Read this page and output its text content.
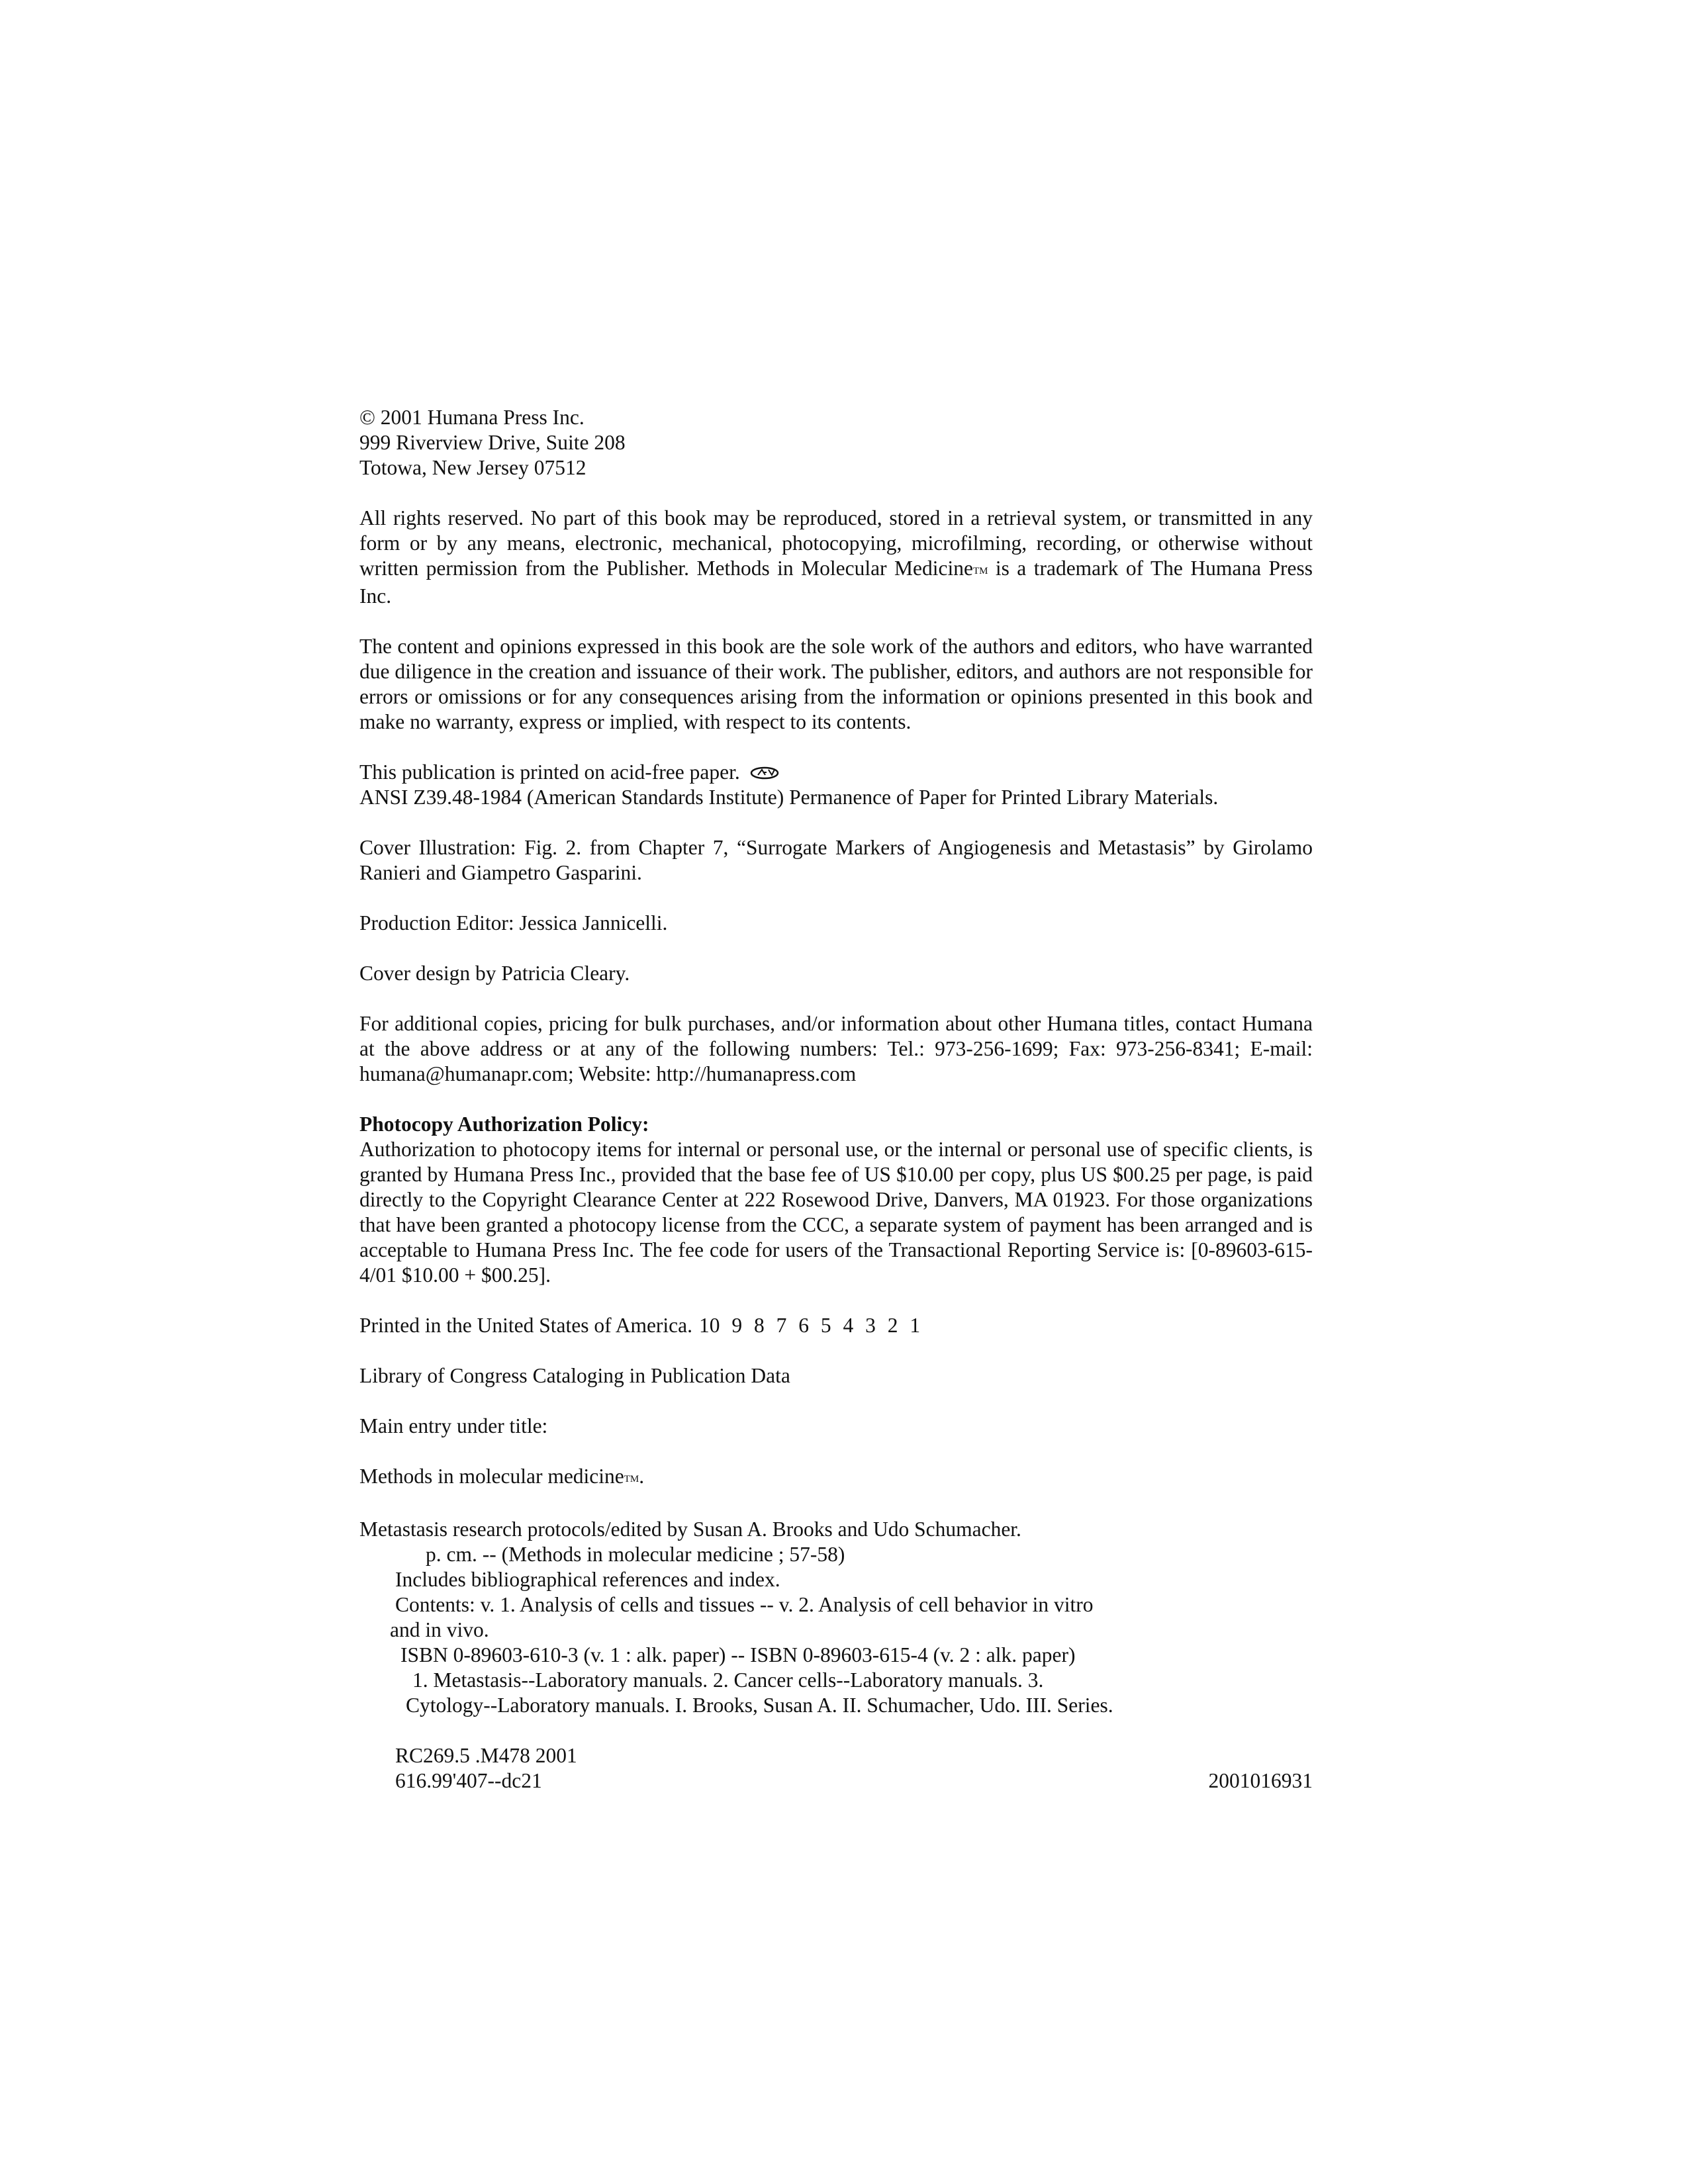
© 2001 Humana Press Inc.
999 Riverview Drive, Suite 208
Totowa, New Jersey 07512
All rights reserved. No part of this book may be reproduced, stored in a retrieval system, or transmitted in any form or by any means, electronic, mechanical, photocopying, microfilming, recording, or otherwise without written permission from the Publisher. Methods in Molecular MedicineTM is a trademark of The Humana Press Inc.
The content and opinions expressed in this book are the sole work of the authors and editors, who have warranted due diligence in the creation and issuance of their work. The publisher, editors, and authors are not responsible for errors or omissions or for any consequences arising from the information or opinions presented in this book and make no warranty, express or implied, with respect to its contents.
This publication is printed on acid-free paper.
ANSI Z39.48-1984 (American Standards Institute) Permanence of Paper for Printed Library Materials.
Cover Illustration: Fig. 2. from Chapter 7, “Surrogate Markers of Angiogenesis and Metastasis” by Girolamo Ranieri and Giampetro Gasparini.
Production Editor: Jessica Jannicelli.
Cover design by Patricia Cleary.
For additional copies, pricing for bulk purchases, and/or information about other Humana titles, contact Humana at the above address or at any of the following numbers: Tel.: 973-256-1699; Fax: 973-256-8341; E-mail: humana@humanapr.com; Website: http://humanapress.com
Photocopy Authorization Policy:
Authorization to photocopy items for internal or personal use, or the internal or personal use of specific clients, is granted by Humana Press Inc., provided that the base fee of US $10.00 per copy, plus US $00.25 per page, is paid directly to the Copyright Clearance Center at 222 Rosewood Drive, Danvers, MA 01923. For those organizations that have been granted a photocopy license from the CCC, a separate system of payment has been arranged and is acceptable to Humana Press Inc. The fee code for users of the Transactional Reporting Service is: [0-89603-615-4/01 $10.00 + $00.25].
Printed in the United States of America. 10 9 8 7 6 5 4 3 2 1
Library of Congress Cataloging in Publication Data
Main entry under title:
Methods in molecular medicineTM.
Metastasis research protocols/edited by Susan A. Brooks and Udo Schumacher.
p. cm. -- (Methods in molecular medicine ; 57-58)
Includes bibliographical references and index.
Contents: v. 1. Analysis of cells and tissues -- v. 2. Analysis of cell behavior in vitro
and in vivo.
ISBN 0-89603-610-3 (v. 1 : alk. paper) -- ISBN 0-89603-615-4 (v. 2 : alk. paper)
1. Metastasis--Laboratory manuals. 2. Cancer cells--Laboratory manuals. 3.
Cytology--Laboratory manuals. I. Brooks, Susan A. II. Schumacher, Udo. III. Series.
RC269.5 .M478 2001
616.99'407--dc21	2001016931
